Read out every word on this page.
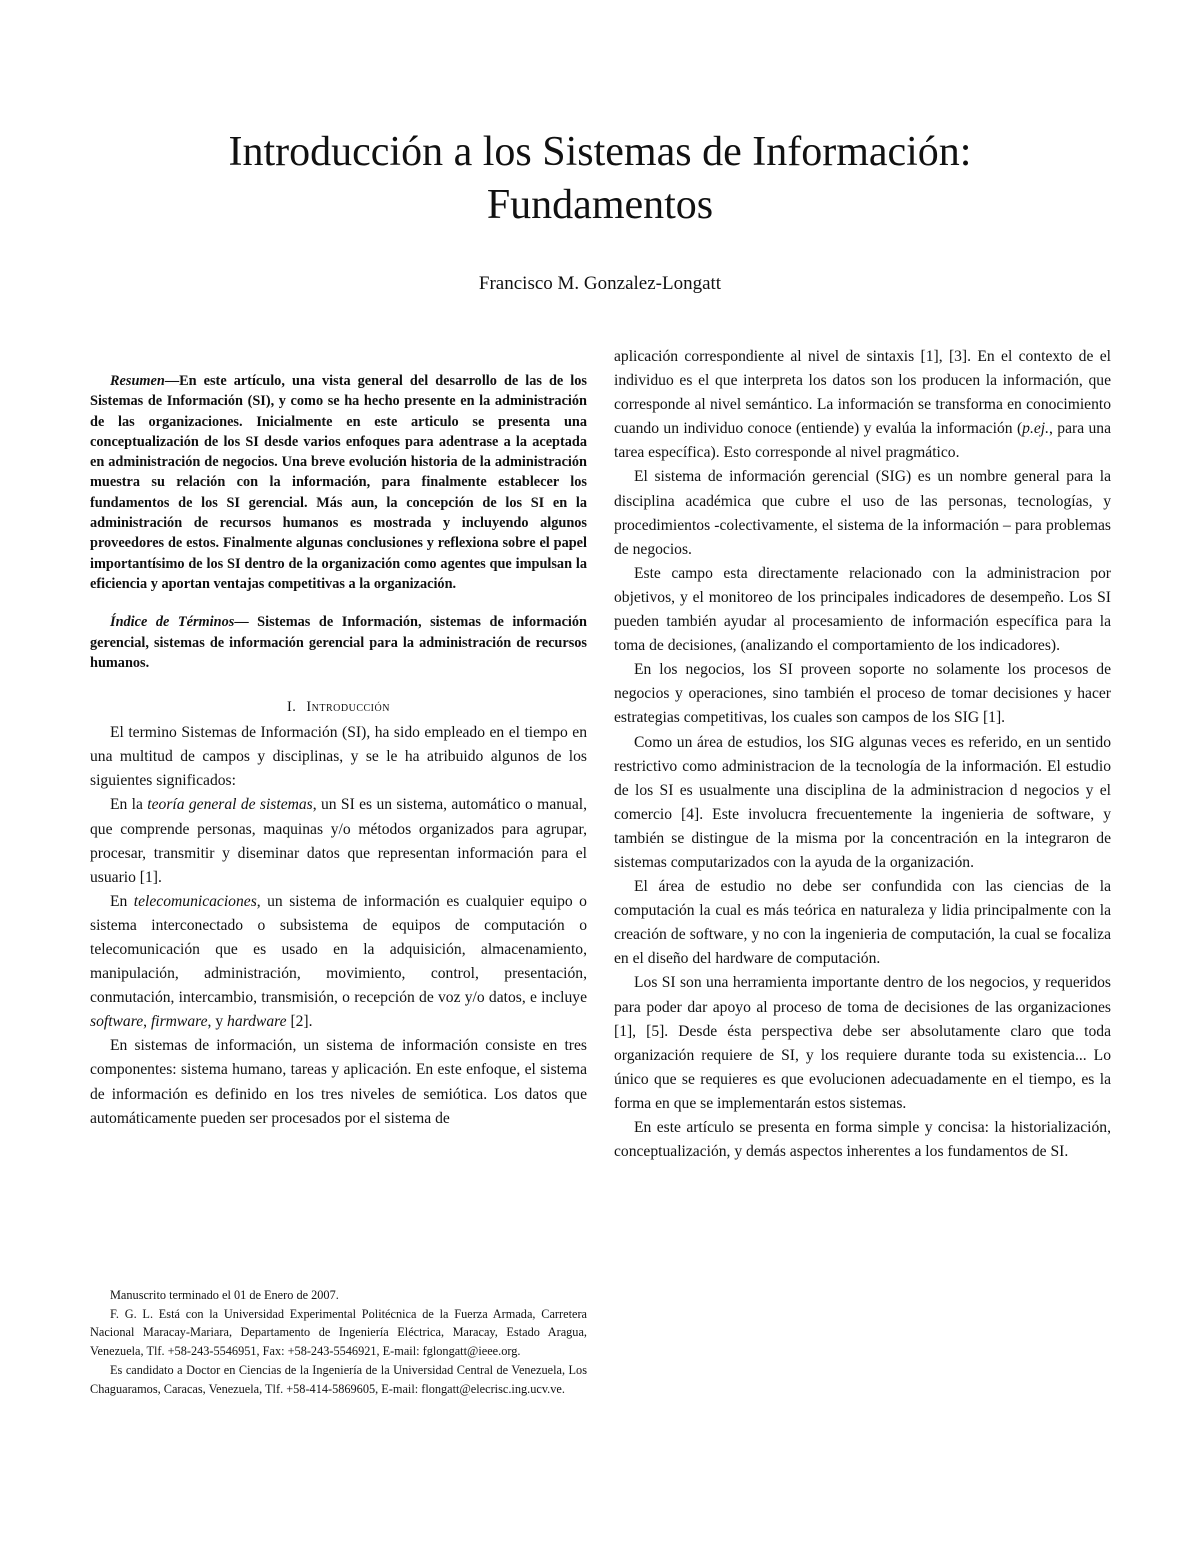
Introducción a los Sistemas de Información:
Fundamentos
Francisco M. Gonzalez-Longatt

Resumen—En este artículo, una vista general del desarrollo de las de los Sistemas de Información (SI), y como se ha hecho presente en la administración de las organizaciones. Inicialmente en este articulo se presenta una conceptualización de los SI desde varios enfoques para adentrase a la aceptada en administración de negocios. Una breve evolución historia de la administración muestra su relación con la información, para finalmente establecer los fundamentos de los SI gerencial. Más aun, la concepción de los SI en la administración de recursos humanos es mostrada y incluyendo algunos proveedores de estos. Finalmente algunas conclusiones y reflexiona sobre el papel importantísimo de los SI dentro de la organización como agentes que impulsan la eficiencia y aportan ventajas competitivas a la organización.

Índice de Términos— Sistemas de Información, sistemas de información gerencial, sistemas de información gerencial para la administración de recursos humanos.

I. Introducción

El termino Sistemas de Información (SI), ha sido empleado en el tiempo en una multitud de campos y disciplinas, y se le ha atribuido algunos de los siguientes significados:

En la teoría general de sistemas, un SI es un sistema, automático o manual, que comprende personas, maquinas y/o métodos organizados para agrupar, procesar, transmitir y diseminar datos que representan información para el usuario [1].

En telecomunicaciones, un sistema de información es cualquier equipo o sistema interconectado o subsistema de equipos de computación o telecomunicación que es usado en la adquisición, almacenamiento, manipulación, administración, movimiento, control, presentación, conmutación, intercambio, transmisión, o recepción de voz y/o datos, e incluye software, firmware, y hardware [2].

En sistemas de información, un sistema de información consiste en tres componentes: sistema humano, tareas y aplicación. En este enfoque, el sistema de información es definido en los tres niveles de semiótica. Los datos que automáticamente pueden ser procesados por el sistema de

Manuscrito terminado el 01 de Enero de 2007.

F. G. L. Está con la Universidad Experimental Politécnica de la Fuerza Armada, Carretera Nacional Maracay-Mariara, Departamento de Ingeniería Eléctrica, Maracay, Estado Aragua, Venezuela, Tlf. +58-243-5546951, Fax: +58-243-5546921, E-mail: fglongatt@ieee.org.

Es candidato a Doctor en Ciencias de la Ingeniería de la Universidad Central de Venezuela, Los Chaguaramos, Caracas, Venezuela, Tlf. +58-414-5869605, E-mail: flongatt@elecrisc.ing.ucv.ve.

aplicación correspondiente al nivel de sintaxis [1], [3]. En el contexto de el individuo es el que interpreta los datos son los producen la información, que corresponde al nivel semántico. La información se transforma en conocimiento cuando un individuo conoce (entiende) y evalúa la información (p.ej., para una tarea específica). Esto corresponde al nivel pragmático.

El sistema de información gerencial (SIG) es un nombre general para la disciplina académica que cubre el uso de las personas, tecnologías, y procedimientos -colectivamente, el sistema de la información – para problemas de negocios.

Este campo esta directamente relacionado con la administracion por objetivos, y el monitoreo de los principales indicadores de desempeño. Los SI pueden también ayudar al procesamiento de información específica para la toma de decisiones, (analizando el comportamiento de los indicadores).

En los negocios, los SI proveen soporte no solamente los procesos de negocios y operaciones, sino también el proceso de tomar decisiones y hacer estrategias competitivas, los cuales son campos de los SIG [1].

Como un área de estudios, los SIG algunas veces es referido, en un sentido restrictivo como administracion de la tecnología de la información. El estudio de los SI es usualmente una disciplina de la administracion d negocios y el comercio [4]. Este involucra frecuentemente la ingenieria de software, y también se distingue de la misma por la concentración en la integraron de sistemas computarizados con la ayuda de la organización.

El área de estudio no debe ser confundida con las ciencias de la computación la cual es más teórica en naturaleza y lidia principalmente con la creación de software, y no con la ingenieria de computación, la cual se focaliza en el diseño del hardware de computación.

Los SI son una herramienta importante dentro de los negocios, y requeridos para poder dar apoyo al proceso de toma de decisiones de las organizaciones [1], [5]. Desde ésta perspectiva debe ser absolutamente claro que toda organización requiere de SI, y los requiere durante toda su existencia... Lo único que se requieres es que evolucionen adecuadamente en el tiempo, es la forma en que se implementarán estos sistemas.

En este artículo se presenta en forma simple y concisa: la historialización, conceptualización, y demás aspectos inherentes a los fundamentos de SI.
